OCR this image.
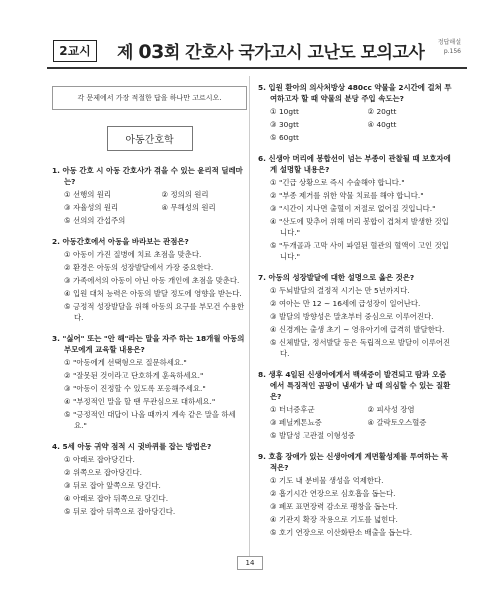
2교시	제 03회 간호사 국가고시 고난도 모의고사
정답해설
p.156
각 문제에서 가장 적절한 답을 하나만 고르시오.
아동간호학
1. 아동 간호 시 아동 간호사가 겪을 수 있는 윤리적 딜레마는?
① 선행의 원리	② 정의의 원리
③ 자율성의 원리	④ 무해성의 원리
⑤ 선의의 간섭주의
2. 아동간호에서 아동을 바라보는 관점은?
① 아동이 가진 질병에 치료 초점을 맞춘다.
② 환경은 아동의 성장발달에서 가장 중요한다.
③ 가족에서의 아동이 아닌 아동 개인에 초점을 맞춘다.
④ 입원 대처 능력은 아동의 발달 정도에 영향을 받는다.
⑤ 긍정적 성장발달을 위해 아동의 요구를 부모건 수용한다.
3. "싫어" 또는 "안 해"라는 말을 자주 하는 18개월 아동의 부모에게 교육할 내용은?
① "아동에게 선택형으로 질문하세요."
② "잘못된 것이라고 단호하게 훈육하세요."
③ "아동이 진정할 수 있도록 포옹해주세요."
④ "부정적인 말을 할 땐 무관심으로 대하세요."
⑤ "긍정적인 대답이 나올 때까지 계속 같은 말을 하세요."
4. 5세 아동 귀약 점적 시 귓바퀴를 잡는 방법은?
① 아래로 잡아당긴다.
② 위쪽으로 잡아당긴다.
③ 뒤로 잡아 앞쪽으로 당긴다.
④ 아래로 잡아 뒤쪽으로 당긴다.
⑤ 뒤로 잡아 뒤쪽으로 잡아당긴다.
5. 입원 환아의 의사처방상 480cc 약물을 2시간에 걸쳐 투여하고자 할 때 약물의 분당 주입 속도는?
① 10gtt	② 20gtt
③ 30gtt	④ 40gtt
⑤ 60gtt
6. 신생아 머리에 봉합선이 넘는 부종이 관찰될 때 보호자에게 설명할 내용은?
① "긴급 상황으로 즉시 수술해야 합니다."
② "부종 제거를 위한 약물 치료를 해야 합니다."
③ "시간이 지나면 출혈이 저절로 없어질 것입니다."
④ "산도에 맞추어 위해 머리 봉합이 겹쳐져 발생한 것입니다."
⑤ "두개골과 고막 사이 파열된 혈관의 혈액이 고인 것입니다."
7. 아동의 성장발달에 대한 설명으로 옳은 것은?
① 두뇌발달의 결정적 시기는 만 5년까지다.
② 여아는 만 12 ~ 16세에 급성장이 일어난다.
③ 발달의 방향성은 말초부터 중심으로 이루어진다.
④ 신경계는 출생 초기 ~ 영유아기에 급격히 발달한다.
⑤ 신체발달, 정서발달 등은 독립적으로 발달이 이루어진다.
8. 생후 4일된 신생아에게서 백색증이 발견되고 땀과 오줌에서 특징적인 곰팡이 냄새가 날 때 의심할 수 있는 질환은?
① 터너증후군	② 피사성 장염
③ 페닐케톤뇨증	④ 갈락토오스혈증
⑤ 발달성 고관절 이형성증
9. 호흡 장애가 있는 신생아에게 계면활성제를 투여하는 목적은?
① 기도 내 분비물 생성을 억제한다.
② 흡기시간 연장으로 심호흡을 돕는다.
③ 폐포 표면장력 감소로 팽창을 돕는다.
④ 기관지 확장 작용으로 기도를 넓힌다.
⑤ 호기 연장으로 이산화탄소 배출을 돕는다.
14
